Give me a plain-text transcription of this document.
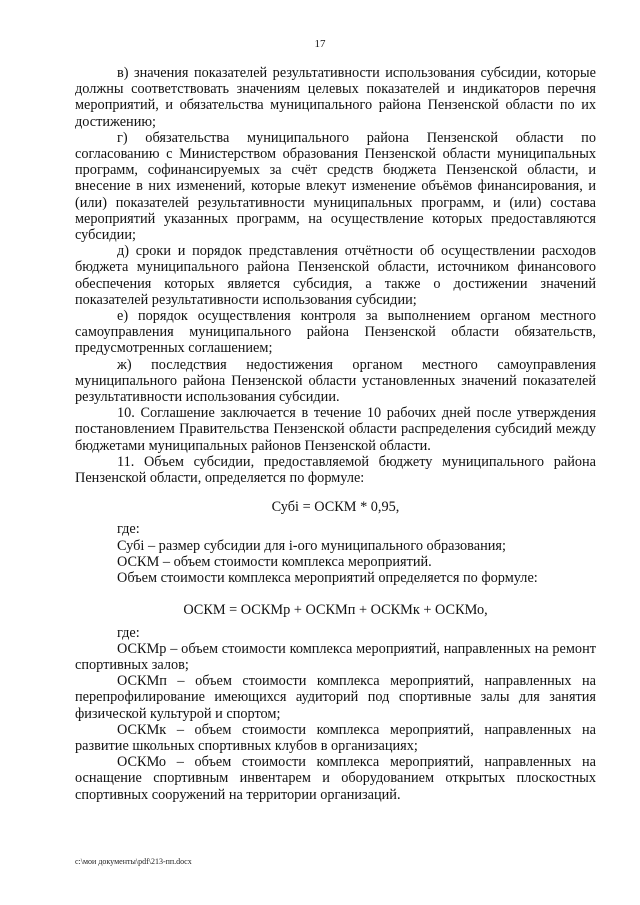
17

в) значения показателей результативности использования субсидии, которые должны соответствовать значениям целевых показателей и индикаторов перечня мероприятий, и обязательства муниципального района Пензенской области по их достижению;

г) обязательства муниципального района Пензенской области по согласованию с Министерством образования Пензенской области муниципальных программ, софинансируемых за счёт средств бюджета Пензенской области, и внесение в них изменений, которые влекут изменение объёмов финансирования, и (или) показателей результативности муниципальных программ, и (или) состава мероприятий указанных программ, на осуществление которых предоставляются субсидии;

д) сроки и порядок представления отчётности об осуществлении расходов бюджета муниципального района Пензенской области, источником финансового обеспечения которых является субсидия, а также о достижении значений показателей результативности использования субсидии;

е) порядок осуществления контроля за выполнением органом местного самоуправления муниципального района Пензенской области обязательств, предусмотренных соглашением;

ж) последствия недостижения органом местного самоуправления муниципального района Пензенской области установленных значений показателей результативности использования субсидии.

10. Соглашение заключается в течение 10 рабочих дней после утверждения постановлением Правительства Пензенской области распределения субсидий между бюджетами муниципальных районов Пензенской области.

11. Объем субсидии, предоставляемой бюджету муниципального района Пензенской области, определяется по формуле:

Субi = ОСКМ * 0,95,

где:

Субi – размер субсидии для i-ого муниципального образования;

ОСКМ – объем стоимости комплекса мероприятий.

Объем стоимости комплекса мероприятий определяется по формуле:

ОСКМ = ОСКМр + ОСКМп + ОСКМк + ОСКМо,

где:

ОСКМр – объем стоимости комплекса мероприятий, направленных на ремонт спортивных залов;

ОСКМп – объем стоимости комплекса мероприятий, направленных на перепрофилирование имеющихся аудиторий под спортивные залы для занятия физической культурой и спортом;

ОСКМк – объем стоимости комплекса мероприятий, направленных на развитие школьных спортивных клубов в организациях;

ОСКМо – объем стоимости комплекса мероприятий, направленных на оснащение спортивным инвентарем и оборудованием открытых плоскостных спортивных сооружений на территории организаций.

c:\мои документы\pdf\213-пп.docx
